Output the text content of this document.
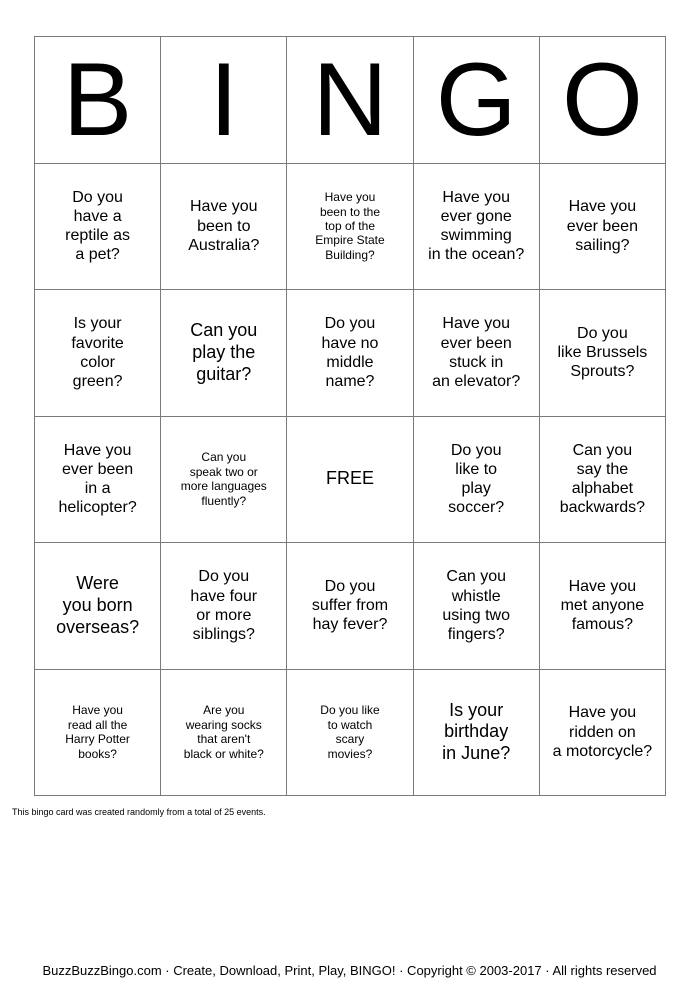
B I N G O
Do you
have a
reptile as
a pet?
Have you
been to
Australia?
Have you
been to the
top of the
Empire State
Building?
Have you
ever gone
swimming
in the ocean?
Have you
ever been
sailing?
Is your
favorite
color
green?
Can you
play the
guitar?
Do you
have no
middle
name?
Have you
ever been
stuck in
an elevator?
Do you
like Brussels
Sprouts?
Have you
ever been
in a
helicopter?
Can you
speak two or
more languages
fluently?
FREE
Do you
like to
play
soccer?
Can you
say the
alphabet
backwards?
Were
you born
overseas?
Do you
have four
or more
siblings?
Do you
suffer from
hay fever?
Can you
whistle
using two
fingers?
Have you
met anyone
famous?
Have you
read all the
Harry Potter
books?
Are you
wearing socks
that aren't
black or white?
Do you like
to watch
scary
movies?
Is your
birthday
in June?
Have you
ridden on
a motorcycle?
This bingo card was created randomly from a total of 25 events.
BuzzBuzzBingo.com · Create, Download, Print, Play, BINGO! · Copyright © 2003-2017 · All rights reserved
